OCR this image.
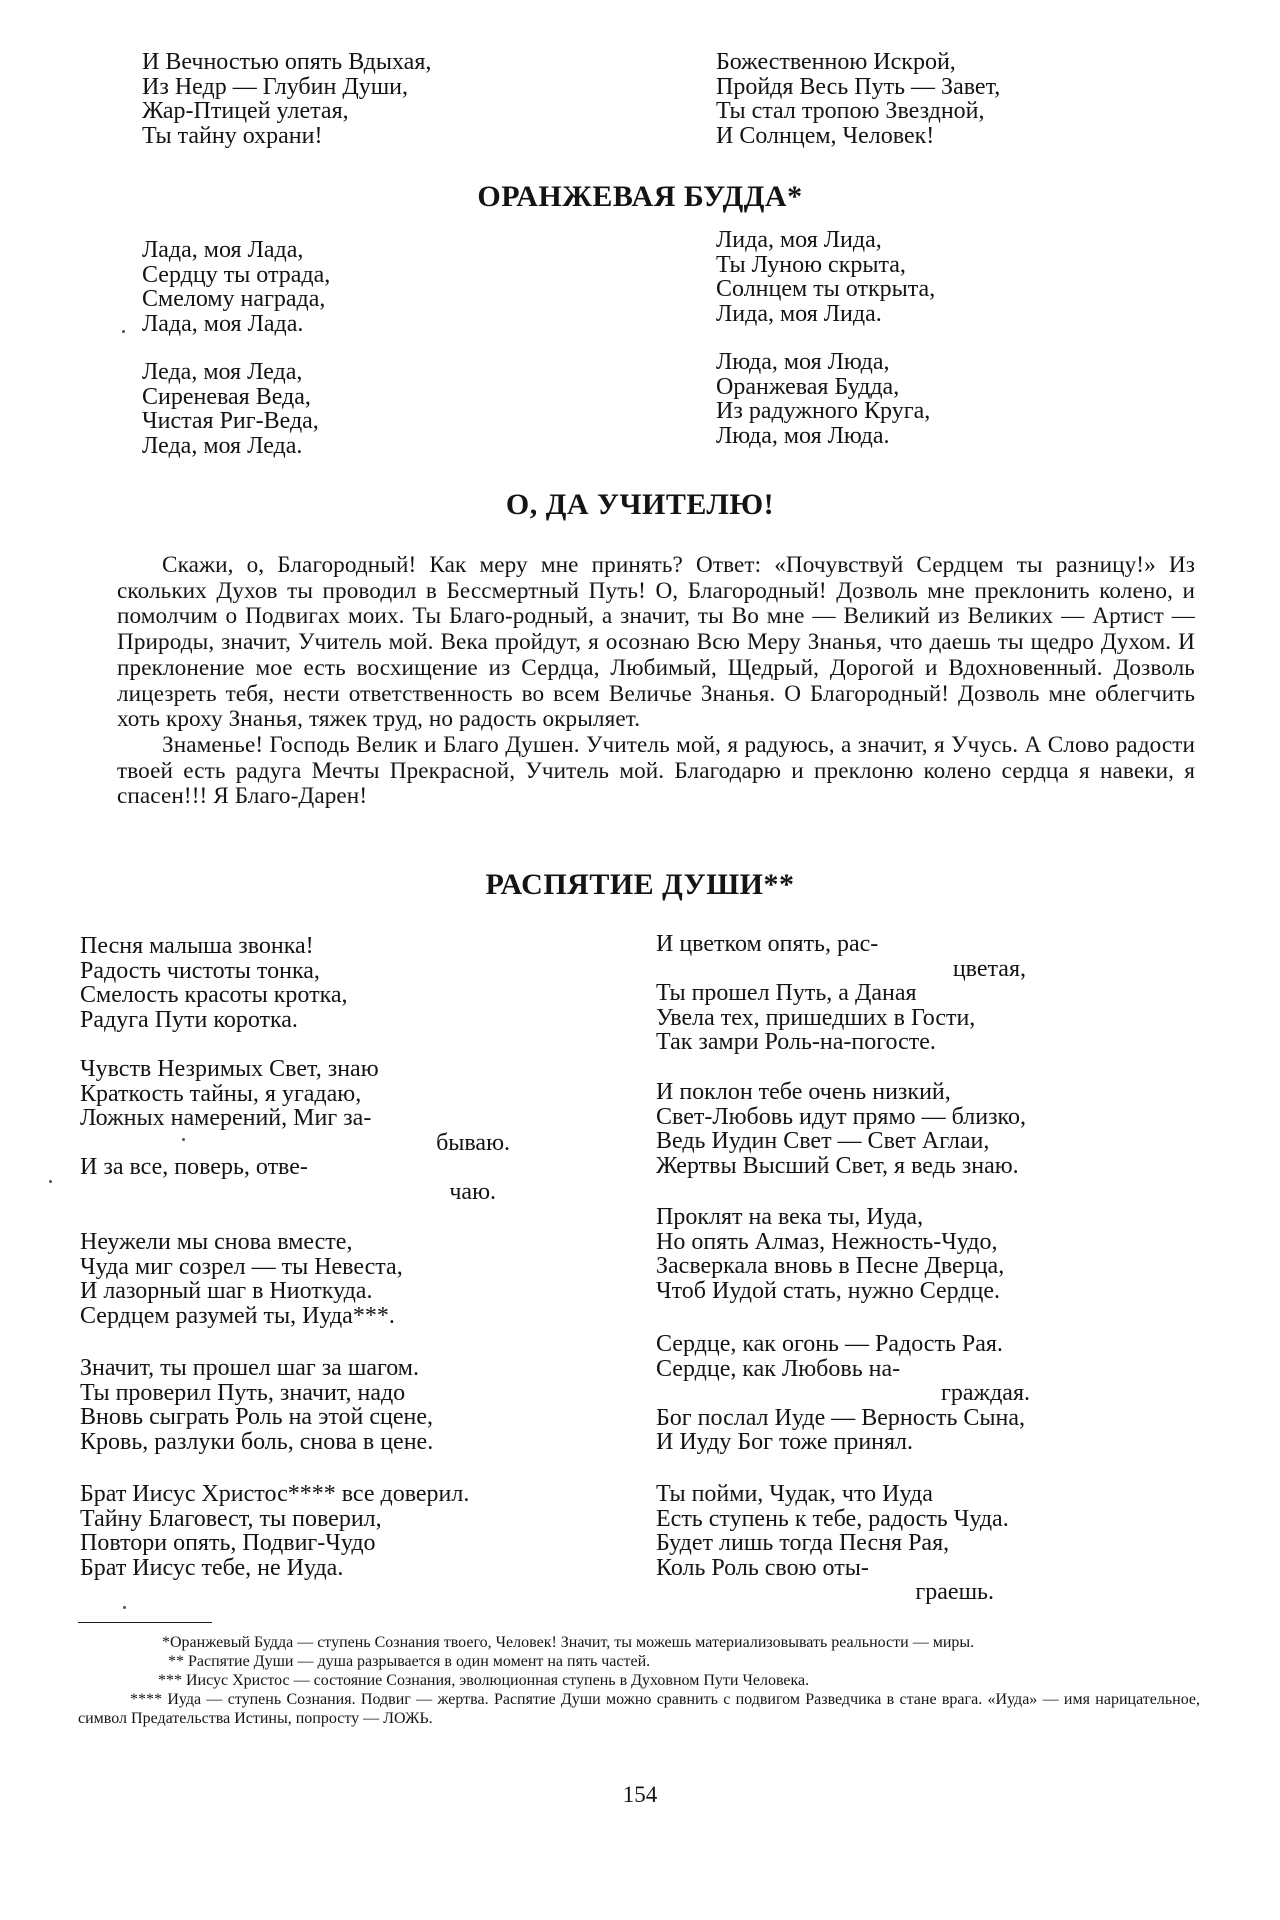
И Вечностью опять Вдыхая,
Из Недр — Глубин Души,
Жар-Птицей улетая,
Ты тайну охрани!
Божественною Искрой,
Пройдя Весь Путь — Завет,
Ты стал тропою Звездной,
И Солнцем, Человек!
ОРАНЖЕВАЯ БУДДА*
Лада, моя Лада,
Сердцу ты отрада,
Смелому награда,
Лада, моя Лада.
Леда, моя Леда,
Сиреневая Веда,
Чистая Риг-Веда,
Леда, моя Леда.
Лида, моя Лида,
Ты Луною скрыта,
Солнцем ты открыта,
Лида, моя Лида.
Люда, моя Люда,
Оранжевая Будда,
Из радужного Круга,
Люда, моя Люда.
О, ДА УЧИТЕЛЮ!

Скажи, о, Благородный! Как меру мне принять? Ответ: «Почувствуй Сердцем ты разницу!» Из скольких Духов ты проводил в Бессмертный Путь! О, Благородный! Дозволь мне преклонить колено, и помолчим о Подвигах моих. Ты Благо-родный, а значит, ты Во мне — Великий из Великих — Артист — Природы, значит, Учитель мой. Века пройдут, я осознаю Всю Меру Знанья, что даешь ты щедро Духом. И преклонение мое есть восхищение из Сердца, Любимый, Щедрый, Дорогой и Вдохновенный. Дозволь лицезреть тебя, нести ответственность во всем Величье Знанья. О Благородный! Дозволь мне облегчить хоть кроху Знанья, тяжек труд, но радость окрыляет.

Знаменье! Господь Велик и Благо Душен. Учитель мой, я радуюсь, а значит, я Учусь. А Слово радости твоей есть радуга Мечты Прекрасной, Учитель мой. Благодарю и преклоню колено сердца я навеки, я спасен!!! Я Благо-Дарен!

РАСПЯТИЕ ДУШИ**
Песня малыша звонка!
Радость чистоты тонка,
Смелость красоты кротка,
Радуга Пути коротка.
Чувств Незримых Свет, знаю
Краткость тайны, я угадаю,
Ложных намерений, Миг за-
бываю.
И за все, поверь, отве-
чаю.
Неужели мы снова вместе,
Чуда миг созрел — ты Невеста,
И лазорный шаг в Ниоткуда.
Сердцем разумей ты, Иуда***.
Значит, ты прошел шаг за шагом.
Ты проверил Путь, значит, надо
Вновь сыграть Роль на этой сцене,
Кровь, разлуки боль, снова в цене.
Брат Иисус Христос**** все доверил.
Тайну Благовест, ты поверил,
Повтори опять, Подвиг-Чудо
Брат Иисус тебе, не Иуда.
И цветком опять, рас-
цветая,
Ты прошел Путь, а Даная
Увела тех, пришедших в Гости,
Так замри Роль-на-погосте.
И поклон тебе очень низкий,
Свет-Любовь идут прямо — близко,
Ведь Иудин Свет — Свет Аглаи,
Жертвы Высший Свет, я ведь знаю.
Проклят на века ты, Иуда,
Но опять Алмаз, Нежность-Чудо,
Засверкала вновь в Песне Дверца,
Чтоб Иудой стать, нужно Сердце.
Сердце, как огонь — Радость Рая.
Сердце, как Любовь на-
граждая.
Бог послал Иуде — Верность Сына,
И Иуду Бог тоже принял.
Ты пойми, Чудак, что Иуда
Есть ступень к тебе, радость Чуда.
Будет лишь тогда Песня Рая,
Коль Роль свою оты-
граешь.

*Оранжевый Будда — ступень Сознания твоего, Человек! Значит, ты можешь материализовывать реальности — миры.

** Распятие Души — душа разрывается в один момент на пять частей.

*** Иисус Христос — состояние Сознания, эволюционная ступень в Духовном Пути Человека.

**** Иуда — ступень Сознания. Подвиг — жертва. Распятие Души можно сравнить с подвигом Разведчика в стане врага. «Иуда» — имя нарицательное, символ Предательства Истины, попросту — ЛОЖЬ.

154
